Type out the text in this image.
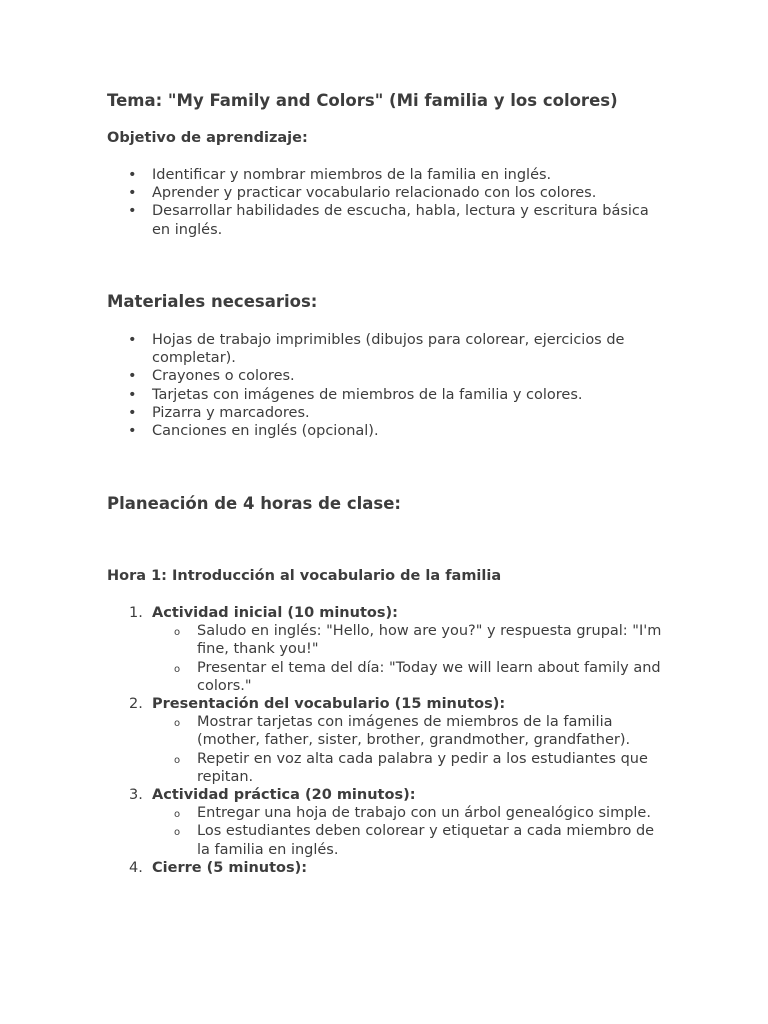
Tema: "My Family and Colors" (Mi familia y los colores)
Objetivo de aprendizaje:
• Identificar y nombrar miembros de la familia en inglés.
• Aprender y practicar vocabulario relacionado con los colores.
• Desarrollar habilidades de escucha, habla, lectura y escritura básica en inglés.
Materiales necesarios:
• Hojas de trabajo imprimibles (dibujos para colorear, ejercicios de completar).
• Crayones o colores.
• Tarjetas con imágenes de miembros de la familia y colores.
• Pizarra y marcadores.
• Canciones en inglés (opcional).
Planeación de 4 horas de clase:
Hora 1: Introducción al vocabulario de la familia
1. Actividad inicial (10 minutos):
o Saludo en inglés: "Hello, how are you?" y respuesta grupal: "I'm fine, thank you!"
o Presentar el tema del día: "Today we will learn about family and colors."
2. Presentación del vocabulario (15 minutos):
o Mostrar tarjetas con imágenes de miembros de la familia (mother, father, sister, brother, grandmother, grandfather).
o Repetir en voz alta cada palabra y pedir a los estudiantes que repitan.
3. Actividad práctica (20 minutos):
o Entregar una hoja de trabajo con un árbol genealógico simple.
o Los estudiantes deben colorear y etiquetar a cada miembro de la familia en inglés.
4. Cierre (5 minutos):
